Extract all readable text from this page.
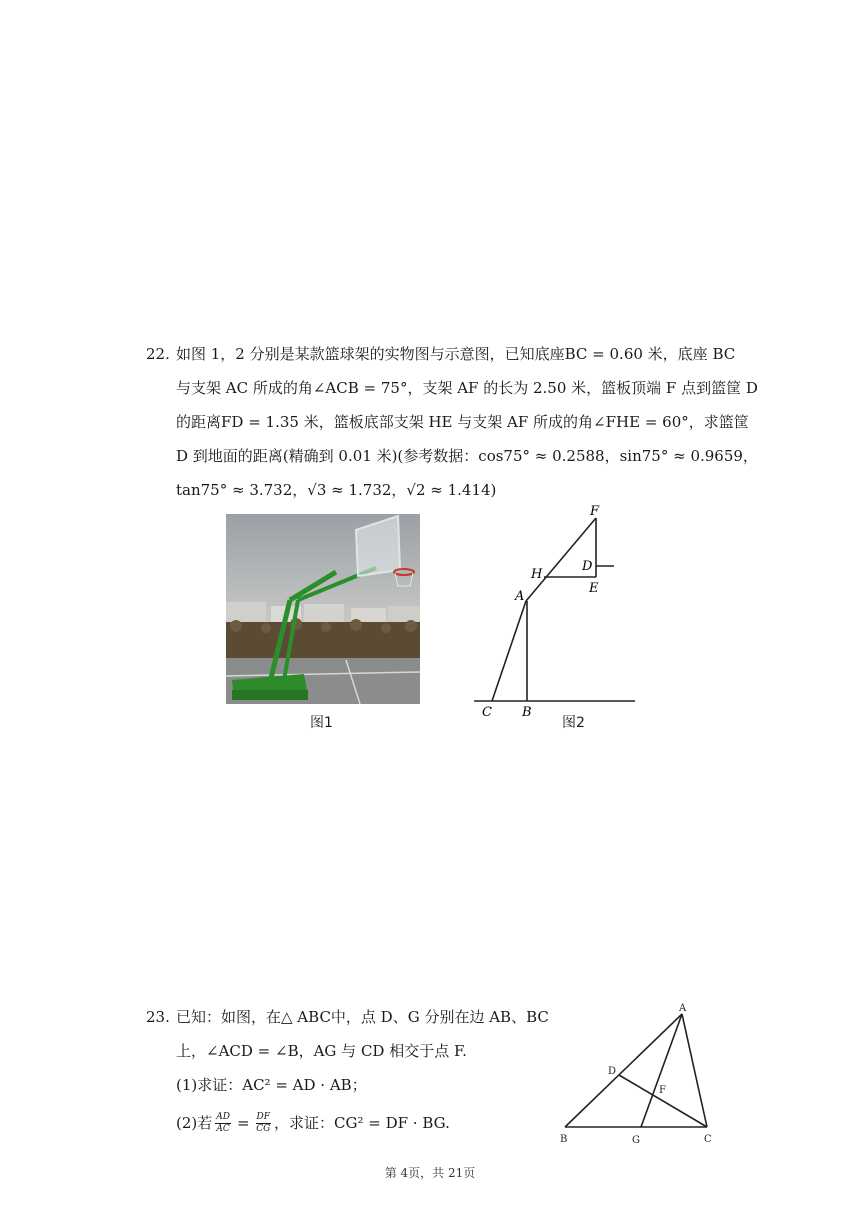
22. 如图 1，2 分别是某款篮球架的实物图与示意图，已知底座BC = 0.60 米，底座 BC
与支架 AC 所成的角∠ACB = 75°，支架 AF 的长为 2.50 米，篮板顶端 F 点到篮筐 D
的距离FD = 1.35 米，篮板底部支架 HE 与支架 AF 所成的角∠FHE = 60°，求篮筐
D 到地面的距离(精确到 0.01 米)(参考数据：cos75° ≈ 0.2588，sin75° ≈ 0.9659，
tan75° ≈ 3.732，√3 ≈ 1.732，√2 ≈ 1.414)
图1
F
H
D
E
A
C B
图2
23. 已知：如图，在△ ABC中，点 D、G 分别在边 AB、BC
上，∠ACD = ∠B，AG 与 CD 相交于点 F.
(1)求证：AC² = AD · AB；
(2)若 $\frac{AD}{AC} = \frac{DF}{CG}$ ，求证：CG² = DF · BG.
A
D
F
B	G	C
第 4页，共 21页
